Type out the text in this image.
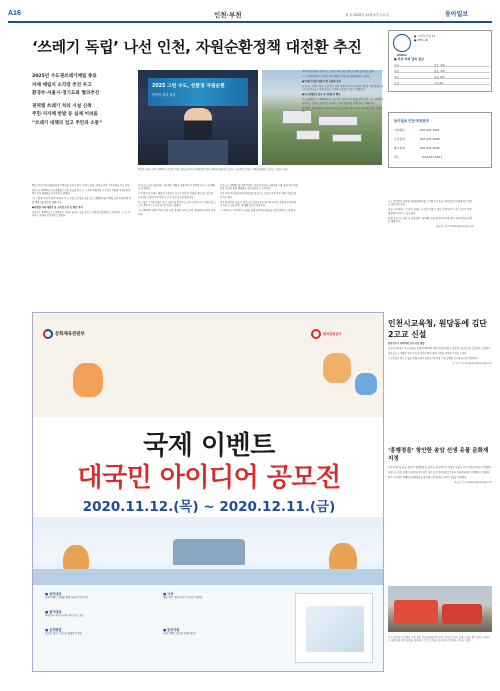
A16	인천·부천	제 호 2020년 12월 9일 수요일	동아일보
‘쓰레기 독립’ 나선 인천, 자원순환정책 대전환 추진
2025년 수도권쓰레기매립 종료
자체 매립지 소각장 추진 두고
환경부·서울시·경기도와 협의추진
권역별 쓰레기 처리 시설 신축
주민·지자체 반발 등 실제 어려움
“쓰레기 대책의 업고 주민과 소통”
2025 그린 수도, 친환경 자원순환
발생지 처리 원칙
박남춘 인천시장이 2020년 쓰레기 독립 선언을 하며 자체매립지 확보 계획을 발표하고 있다. 오른쪽은 인천시 자원순환센터 조감도. 인천시 제공

8일 인천시의회 대회의실에서 박남춘 인천시장이 ‘쓰레기 독립’ 선언을 하며 기자회견을 갖고 있다.

인천시는 2025년 수도권매립지 사용 종료를 앞두고 시 자체 매립지를 조성하고 친환경 자원순환정책으로의 대전환을 추진한다고 밝혔다.

시는 ‘발생지 처리 원칙’에 따라 각 군·구별 소각장을 새로 짓고 생활폐기물 직매립 금지에 대비해 자체 매립지를 확보할 계획이다.

●권역별 자체 매립지 및 소각장 조성 등 확충 추진

인천시는 2025년 수도권매립지 사용이 끝나는 것을 앞두고 지역에서 발생하는 쓰레기를 스스로 처리하는 체계를 갖추겠다고 밝혔다.

인천시는 이날 자원순환 시설 확충 계획을 발표하며 각 권역별 처리 시설 계획을 공개했다.

시에 따르면 쓰레기 매립지 후보지는 옹진군 영흥면 일대로 검토되고 있으며 소각장은 남부권과 북부권 등으로 나눠 설치할 예정이다.

박 시장은 “이제 인천은 남의 쓰레기를 받아주는 곳이 아니라 자기 쓰레기를 스스로 책임지는 도시가 될 것”이라고 말했다.

시는 2021년 상반기까지 입지 선정 절차를 마치고 주민 설명회를 이어갈 방침이다.

인천시는 생활폐기물 감량 정책도 함께 추진한다. 1회용품 사용 줄이기와 재활용률 제고를 통해 매립량을 최소화한다는 구상이다.

또한 지역 주민들에게 인센티브를 제공하고 소각장 주변 지역 지원 사업을 벌이기로 했다.

다만 환경부와 서울시, 경기도가 참여한 4자 협의체 논의가 진행 중인 상황에서 독자 노선을 택한 데 대해 갈등이 예상된다.

시 관계자는 “주민과의 소통을 통해 합리적인 대안을 마련하겠다”고 말했다.

정책 전환에 따라 인천시는 쓰레기 처리 관련 예산도 대폭 늘리기로 했다.

시는 자원순환센터 건립과 함께 재활용 선별시설 현대화에도 나선다.

●‘쓰레기 독립’ 위한 주민 공론화 추진

인천시는 쓰레기 처리 시설 입지 선정 과정에서 주민 공론화 절차를 거칠 방침이다. 시민 참여단을 구성해 의견을 수렴하고 전문가 검증도 병행한다.

●수도권매립지 종료 후 대체부지 확보

수도권매립지는 1992년부터 서울·경기·인천의 폐기물을 받아 왔다. 시는 2025년 이후에는 인천의 쓰레기만 처리하는 자체 매립지를 운영한다는 계획이다.

환경부는 대체 매립지 공모를 추진하고 있지만 아직 응모한 지자체가 없는 상황이다.

시는 권역별로 친환경 자원순환센터를 조성해 소각열을 지역난방 등에 활용하는 방안도 검토하고 있다.

인천시 관계자는 “쓰레기 문제는 더 이상 미룰 수 없는 과제”라며 “시민 모두가 함께 해결해야 한다”고 강조했다.

한편 인천시는 내년 초 자원순환 기본계획 수립 용역에 착수해 세부 실행 방안을 마련할 예정이다.

황금천 기자 kchwang@donga.com

DONGA
● 스마트인천 13
● IPTV 18
● 부산 지역 날씨 정보
인천	맑음 -2/6
부천	맑음 -3/6
강화	맑음 -6/5
옹진	구름 0/7
동아일보 인천·부천본부
기사제보	032-437-1801
구독문의	032-437-1808
광고문의	032-437-1806
팩스	032-437-1821
문화체육관광부	한국관광공사
국제 이벤트
대국민 아이디어 공모전
2020.11.12.(목) ~ 2020.12.11.(금)
■ 공모대상
국제 이벤트 개최를 위한 대국민 아이디어
■ 참가대상
대한민국 국민 누구나 (개인 또는 팀)
■ 공모방법
온라인 접수 / 공모전 홈페이지 참조
■ 시상
대상 1팀 / 최우수상 / 우수상 / 장려상
■ 문의사항
국제 이벤트 공모전 운영사무국
인천시교육청, 원당동에 김단2고교 신설

검단신도시 주택지역 인구 유입 영향

인천시교육청은 서구 원당동 일대에 2023년 3월 개교를 목표로 일반계 고등학교를 신설한다고 밝혔다.

검단신도시 개발로 학생 수가 증가함에 따라 통학 여건을 개선하기 위한 조치다.

시교육청은 학교 신설을 위해 교육부 중앙투자심사를 거쳐 설계와 공사에 들어갈 예정이다.

이기자 기자 dongaindo@donga.com

‘흥행정음’ 창안한 송암 선생 유물 문화재 지정

시각장애인용 한글 점자인 ‘훈맹정음’을 창안한 송암 박두성 선생의 유물이 국가 등록문화재로 지정됐다.

인천시는 송암 선생의 유품과 점자 관련 자료 등이 문화재청으로부터 등록문화재로 지정됐다고 밝혔다.

박두성 선생은 1926년 훈맹정음을 반포해 시각장애인 교육의 기틀을 마련했다.

황금천 기자 kchwang@donga.com

인천 공독터미 운행차 교육 질문 인천대공원에서 운전기사들이 안전 운행 교육을 받고 있다. 인천시는 대중교통 안전 점검을 강화하고 정기 교육을 실시한다고 밝혔다. 인천시 제공
